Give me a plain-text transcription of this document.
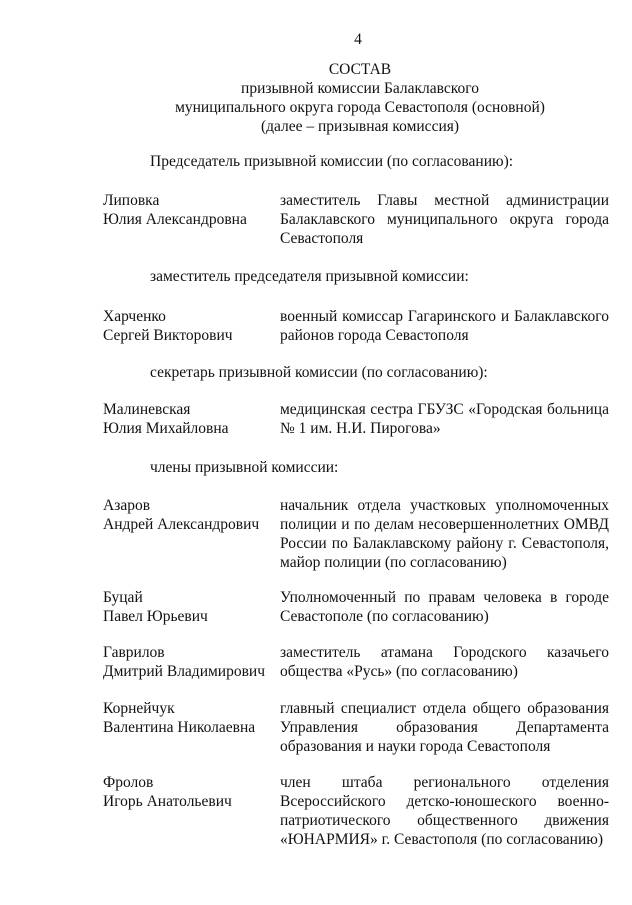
4
СОСТАВ
призывной комиссии Балаклавского
муниципального округа города Севастополя (основной)
(далее – призывная комиссия)
Председатель призывной комиссии (по согласованию):
Липовка
Юлия Александровна
заместитель Главы местной администрации Балаклавского муниципального округа города Севастополя
заместитель председателя призывной комиссии:
Харченко
Сергей Викторович
военный комиссар Гагаринского и Балаклавского районов города Севастополя
секретарь призывной комиссии (по согласованию):
Малиневская
Юлия Михайловна
медицинская сестра ГБУЗС «Городская больница № 1 им. Н.И. Пирогова»
члены призывной комиссии:
Азаров
Андрей Александрович
начальник отдела участковых уполномоченных полиции и по делам несовершеннолетних ОМВД России по Балаклавскому району г. Севастополя, майор полиции (по согласованию)
Буцай
Павел Юрьевич
Уполномоченный по правам человека в городе Севастополе (по согласованию)
Гаврилов
Дмитрий Владимирович
заместитель атамана Городского казачьего общества «Русь» (по согласованию)
Корнейчук
Валентина Николаевна
главный специалист отдела общего образования Управления образования Департамента образования и науки города Севастополя
Фролов
Игорь Анатольевич
член штаба регионального отделения Всероссийского детско-юношеского военно-патриотического общественного движения «ЮНАРМИЯ» г. Севастополя (по согласованию)
